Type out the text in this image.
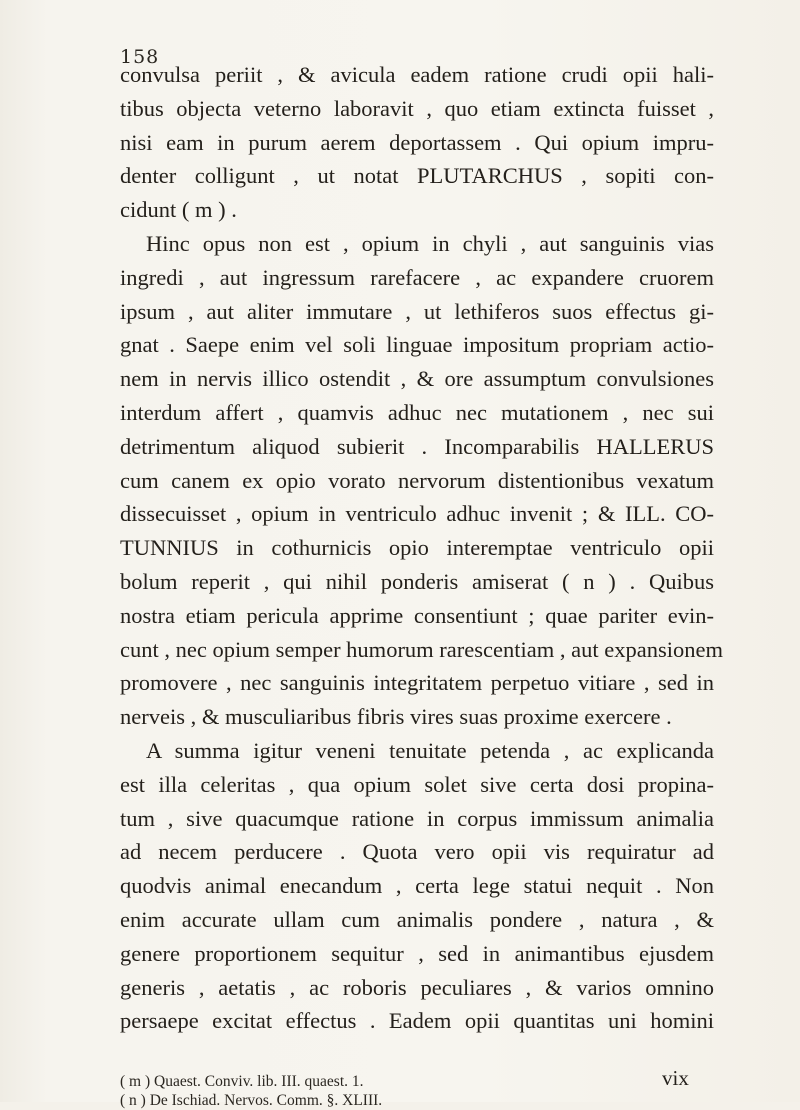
158
convulsa periit , & avicula eadem ratione crudi opii hali-
tibus objecta veterno laboravit , quo etiam extincta fuisset ,
nisi eam in purum aerem deportassem . Qui opium impru-
denter colligunt , ut notat PLUTARCHUS , sopiti con-
cidunt ( m ) .
Hinc opus non est , opium in chyli , aut sanguinis vias
ingredi , aut ingressum rarefacere , ac expandere cruorem
ipsum , aut aliter immutare , ut lethiferos suos effectus gi-
gnat . Saepe enim vel soli linguae impositum propriam actio-
nem in nervis illico ostendit , & ore assumptum convulsiones
interdum affert , quamvis adhuc nec mutationem , nec sui
detrimentum aliquod subierit . Incomparabilis HALLERUS
cum canem ex opio vorato nervorum distentionibus vexatum
dissecuisset , opium in ventriculo adhuc invenit ; & ILL. CO-
TUNNIUS in cothurnicis opio interemptae ventriculo opii
bolum reperit , qui nihil ponderis amiserat ( n ) . Quibus
nostra etiam pericula apprime consentiunt ; quae pariter evin-
cunt , nec opium semper humorum rarescentiam , aut expansionem
promovere , nec sanguinis integritatem perpetuo vitiare , sed in
nerveis , & musculiaribus fibris vires suas proxime exercere .
A summa igitur veneni tenuitate petenda , ac explicanda
est illa celeritas , qua opium solet sive certa dosi propina-
tum , sive quacumque ratione in corpus immissum animalia
ad necem perducere . Quota vero opii vis requiratur ad
quodvis animal enecandum , certa lege statui nequit . Non
enim accurate ullam cum animalis pondere , natura , &
genere proportionem sequitur , sed in animantibus ejusdem
generis , aetatis , ac roboris peculiares , & varios omnino
persaepe excitat effectus . Eadem opii quantitas uni homini
vix
( m ) Quaest. Conviv. lib. III. quaest. 1.
( n ) De Ischiad. Nervos. Comm. §. XLIII.
